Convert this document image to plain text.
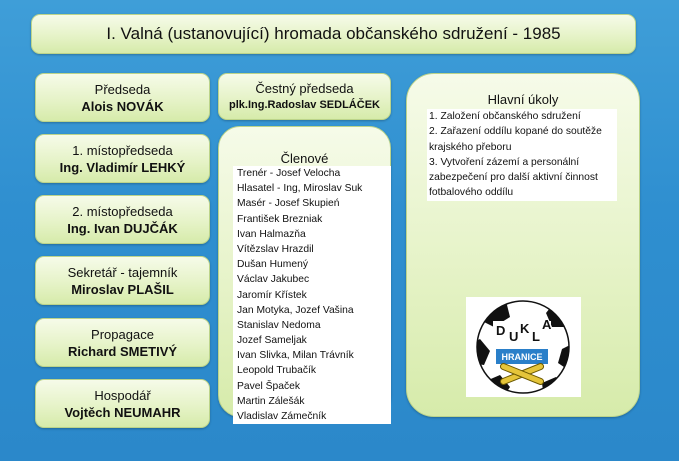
I. Valná (ustanovující) hromada občanského sdružení - 1985
Předseda
Alois NOVÁK
1. místopředseda
Ing. Vladimír LEHKÝ
2. místopředseda
Ing. Ivan DUJČÁK
Sekretář - tajemník
Miroslav PLAŠIL
Propagace
Richard SMETIVÝ
Hospodář
Vojtěch NEUMAHR
Čestný předseda
plk.Ing.Radoslav SEDLÁČEK
Členové
Trenér - Josef Velocha
Hlasatel - Ing, Miroslav Suk
Masér - Josef Skupień
František Brezniak
Ivan Halmazňa
Vítězslav Hrazdil
Dušan Humený
Václav Jakubec
Jaromír Křístek
Jan Motyka, Jozef Vašina
Stanislav Nedoma
Jozef Sameljak
Ivan Slivka, Milan Trávník
Leopold Trubačík
Pavel Špaček
Martin Zálešák
Vladislav Zámečník
Hlavní úkoly
1. Založení občanského sdružení
2. Zařazení oddílu kopané do soutěže krajského přeboru
3. Vytvoření zázemí a personální zabezpečení pro další aktivní činnost fotbalového oddílu
D U
K
L
A
HRANICE
